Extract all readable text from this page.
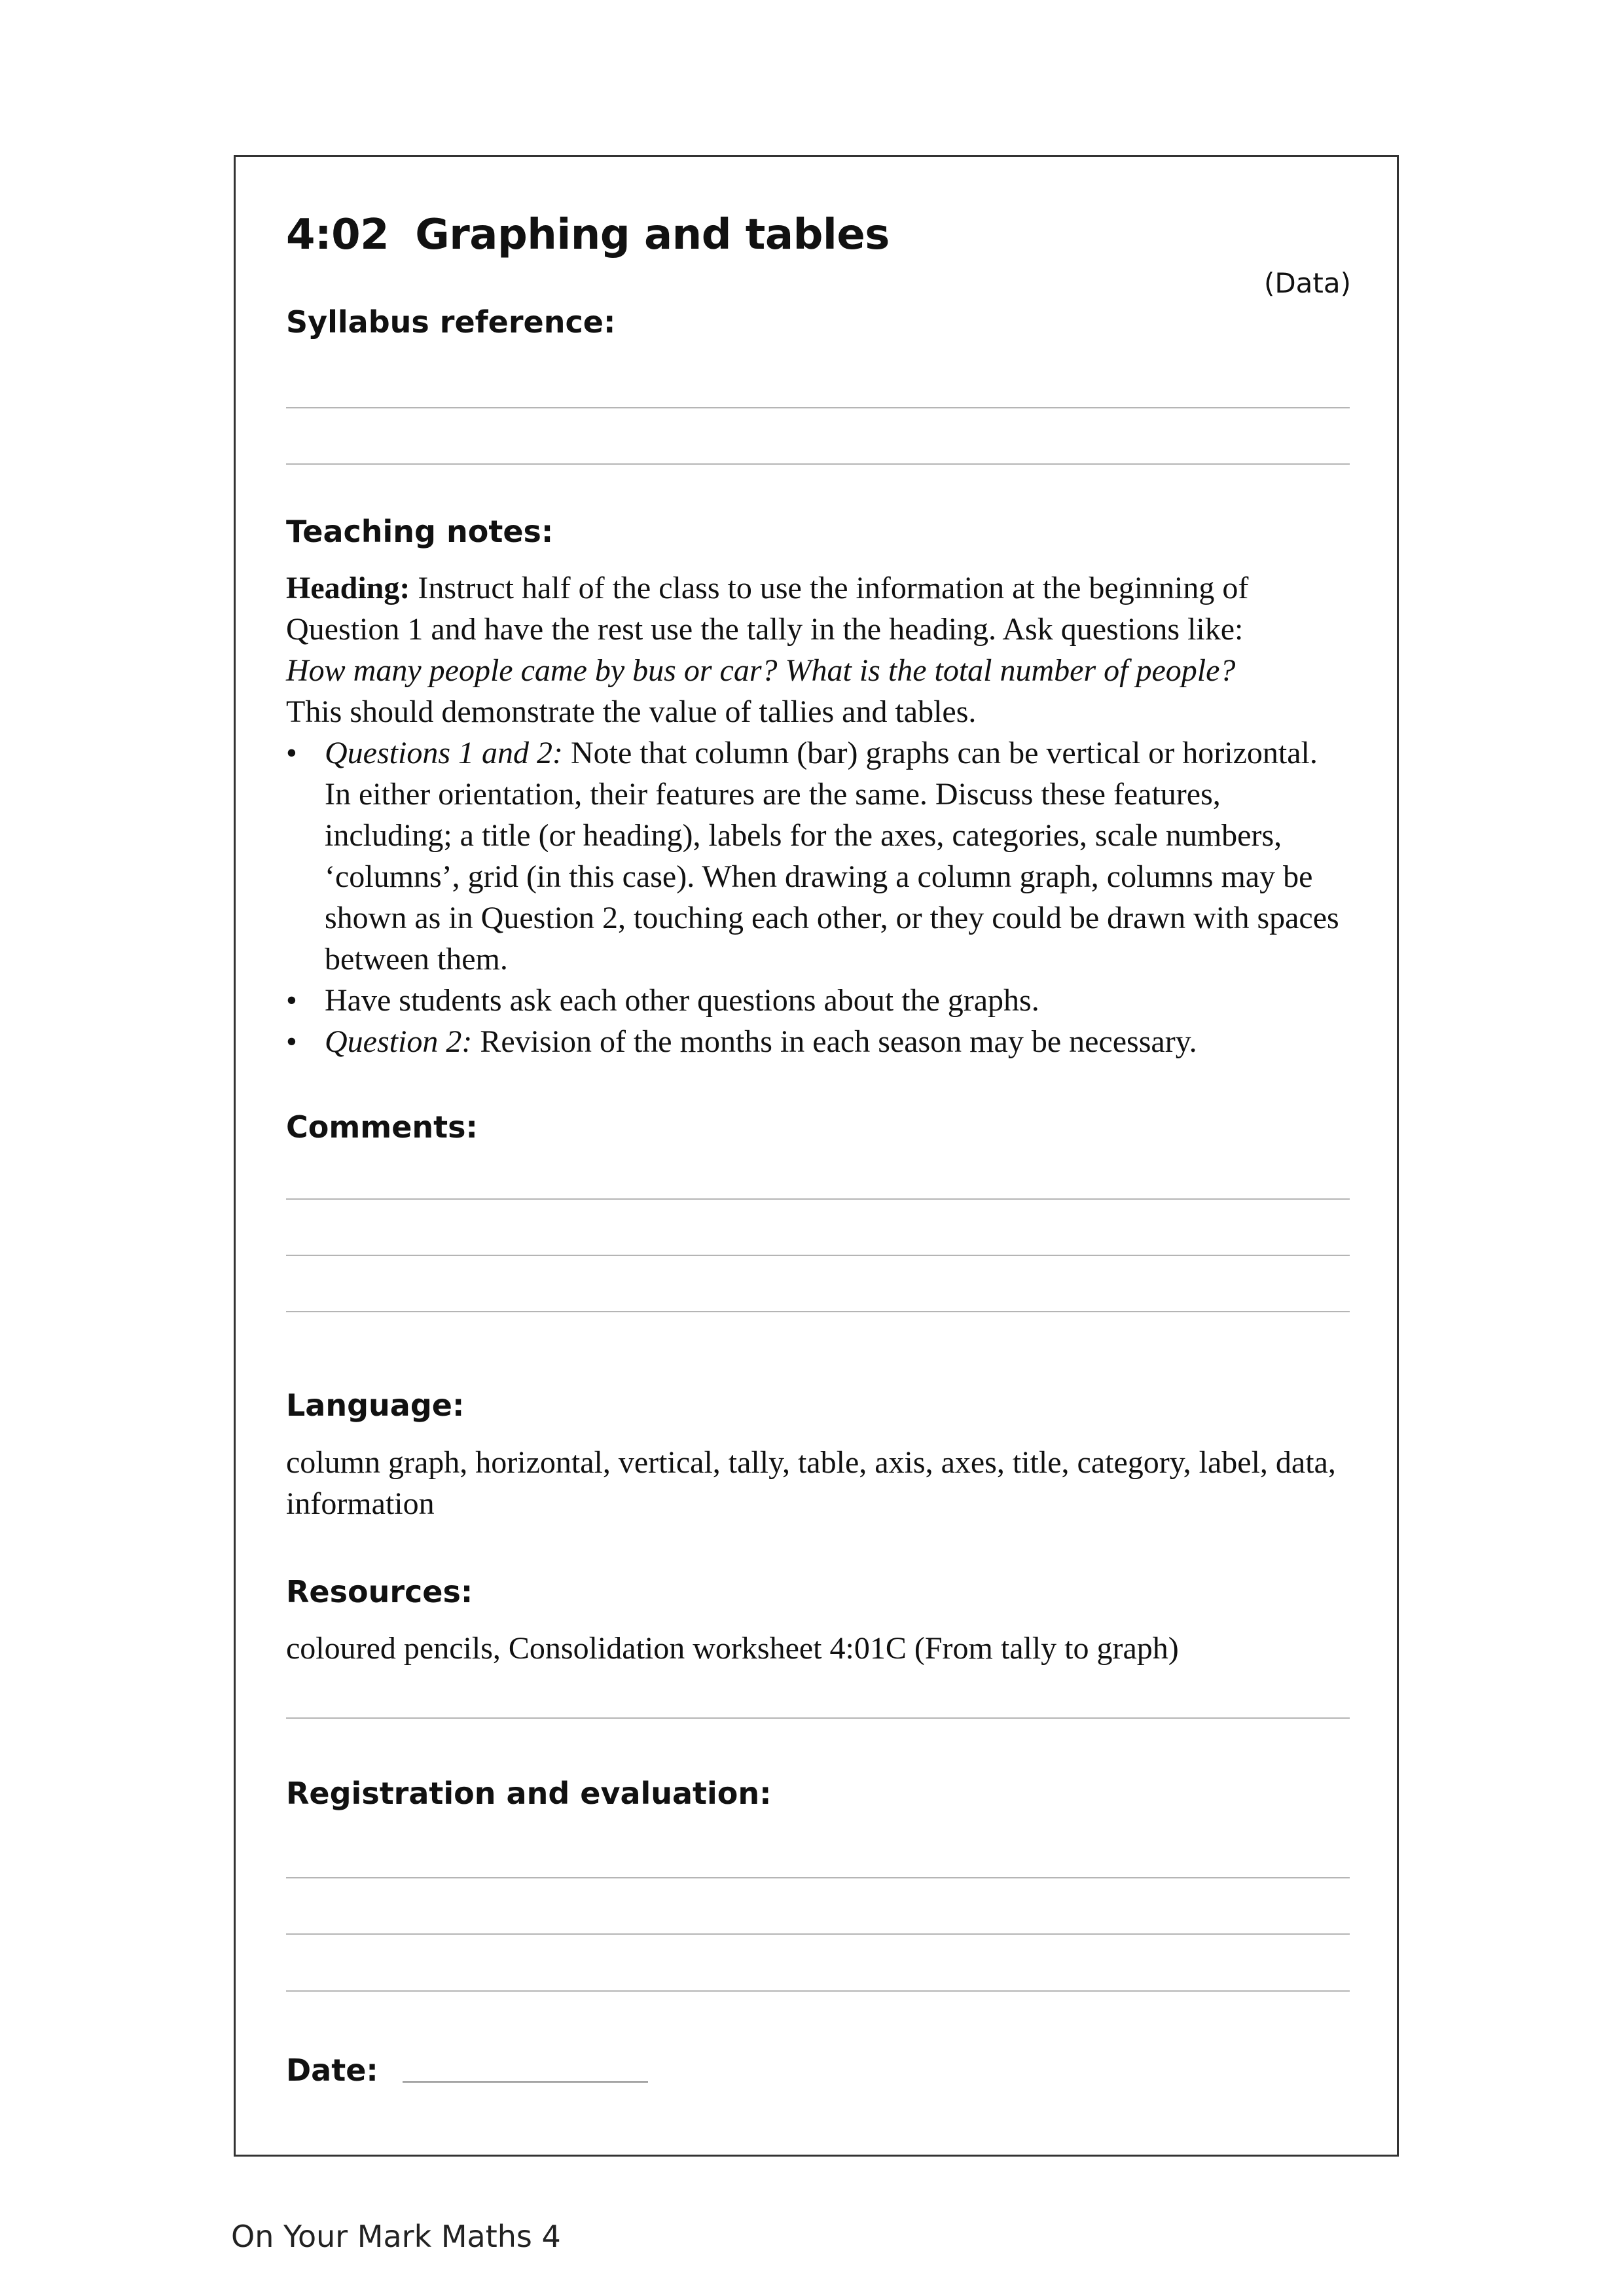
4:02 Graphing and tables
(Data)
Syllabus reference:
Teaching notes:

Heading: Instruct half of the class to use the information at the beginning of Question 1 and have the rest use the tally in the heading. Ask questions like:
How many people came by bus or car? What is the total number of people?
This should demonstrate the value of tallies and tables.

• Questions 1 and 2: Note that column (bar) graphs can be vertical or horizontal. In either orientation, their features are the same. Discuss these features, including; a title (or heading), labels for the axes, categories, scale numbers, ‘columns’, grid (in this case). When drawing a column graph, columns may be shown as in Question 2, touching each other, or they could be drawn with spaces between them.
• Have students ask each other questions about the graphs.
• Question 2: Revision of the months in each season may be necessary.
Comments:
Language:
column graph, horizontal, vertical, tally, table, axis, axes, title, category, label, data, information
Resources:
coloured pencils, Consolidation worksheet 4:01C (From tally to graph)
Registration and evaluation:
Date:
On Your Mark Maths 4
